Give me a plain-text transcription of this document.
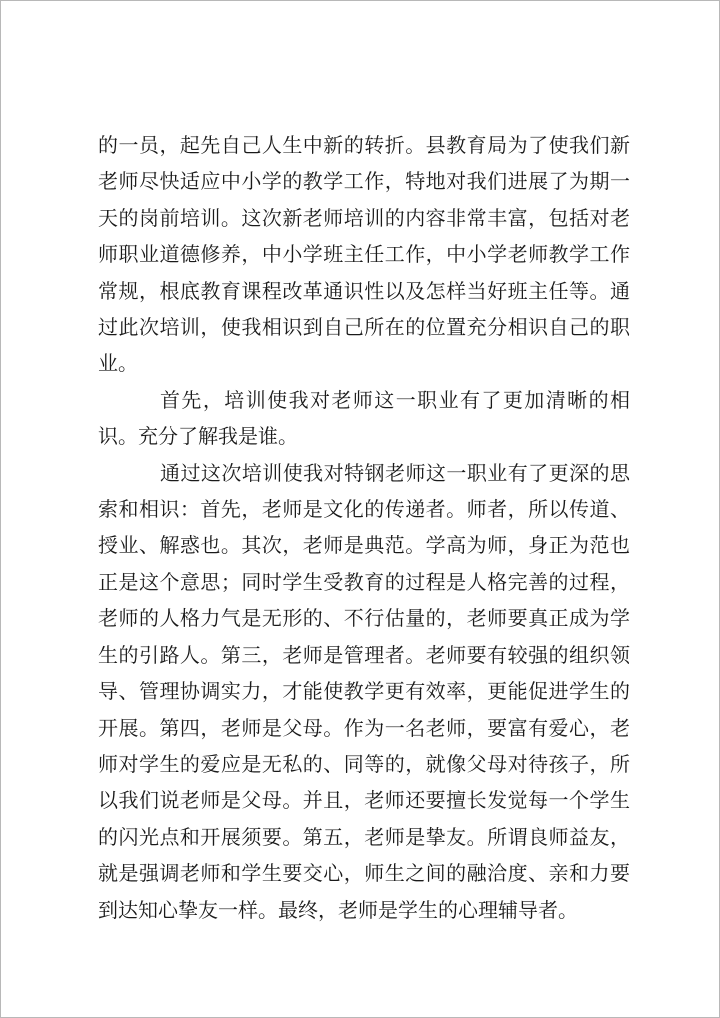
的一员，起先自己人生中新的转折。县教育局为了使我们新老师尽快适应中小学的教学工作，特地对我们进展了为期一天的岗前培训。这次新老师培训的内容非常丰富，包括对老师职业道德修养，中小学班主任工作，中小学老师教学工作常规，根底教育课程改革通识性以及怎样当好班主任等。通过此次培训，使我相识到自己所在的位置充分相识自己的职业。

首先，培训使我对老师这一职业有了更加清晰的相识。充分了解我是谁。

通过这次培训使我对特钢老师这一职业有了更深的思索和相识：首先，老师是文化的传递者。师者，所以传道、授业、解惑也。其次，老师是典范。学高为师，身正为范也正是这个意思；同时学生受教育的过程是人格完善的过程，老师的人格力气是无形的、不行估量的，老师要真正成为学生的引路人。第三，老师是管理者。老师要有较强的组织领导、管理协调实力，才能使教学更有效率，更能促进学生的开展。第四，老师是父母。作为一名老师，要富有爱心，老师对学生的爱应是无私的、同等的，就像父母对待孩子，所以我们说老师是父母。并且，老师还要擅长发觉每一个学生的闪光点和开展须要。第五，老师是挚友。所谓良师益友，就是强调老师和学生要交心，师生之间的融洽度、亲和力要到达知心挚友一样。最终，老师是学生的心理辅导者。
